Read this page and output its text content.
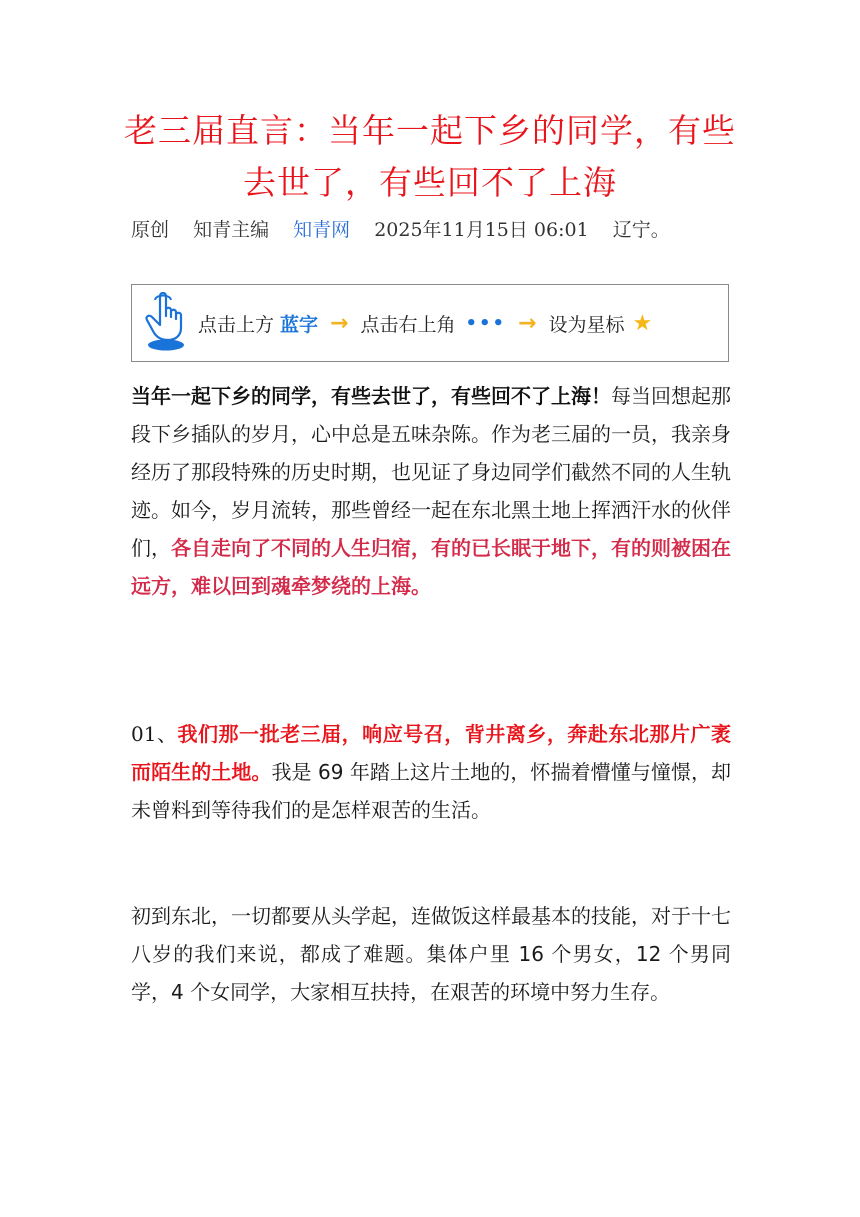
老三届直言：当年一起下乡的同学，有些去世了，有些回不了上海
原创 知青主编 知青网 2025年11月15日 06:01 辽宁。
点击上方 蓝字 → 点击右上角 ••• → 设为星标 ★

当年一起下乡的同学，有些去世了，有些回不了上海！每当回想起那段下乡插队的岁月，心中总是五味杂陈。作为老三届的一员，我亲身经历了那段特殊的历史时期，也见证了身边同学们截然不同的人生轨迹。如今，岁月流转，那些曾经一起在东北黑土地上挥洒汗水的伙伴们，各自走向了不同的人生归宿，有的已长眠于地下，有的则被困在远方，难以回到魂牵梦绕的上海。

01、我们那一批老三届，响应号召，背井离乡，奔赴东北那片广袤而陌生的土地。我是 69 年踏上这片土地的，怀揣着懵懂与憧憬，却未曾料到等待我们的是怎样艰苦的生活。

初到东北，一切都要从头学起，连做饭这样最基本的技能，对于十七八岁的我们来说，都成了难题。集体户里 16 个男女，12 个男同学，4 个女同学，大家相互扶持，在艰苦的环境中努力生存。
